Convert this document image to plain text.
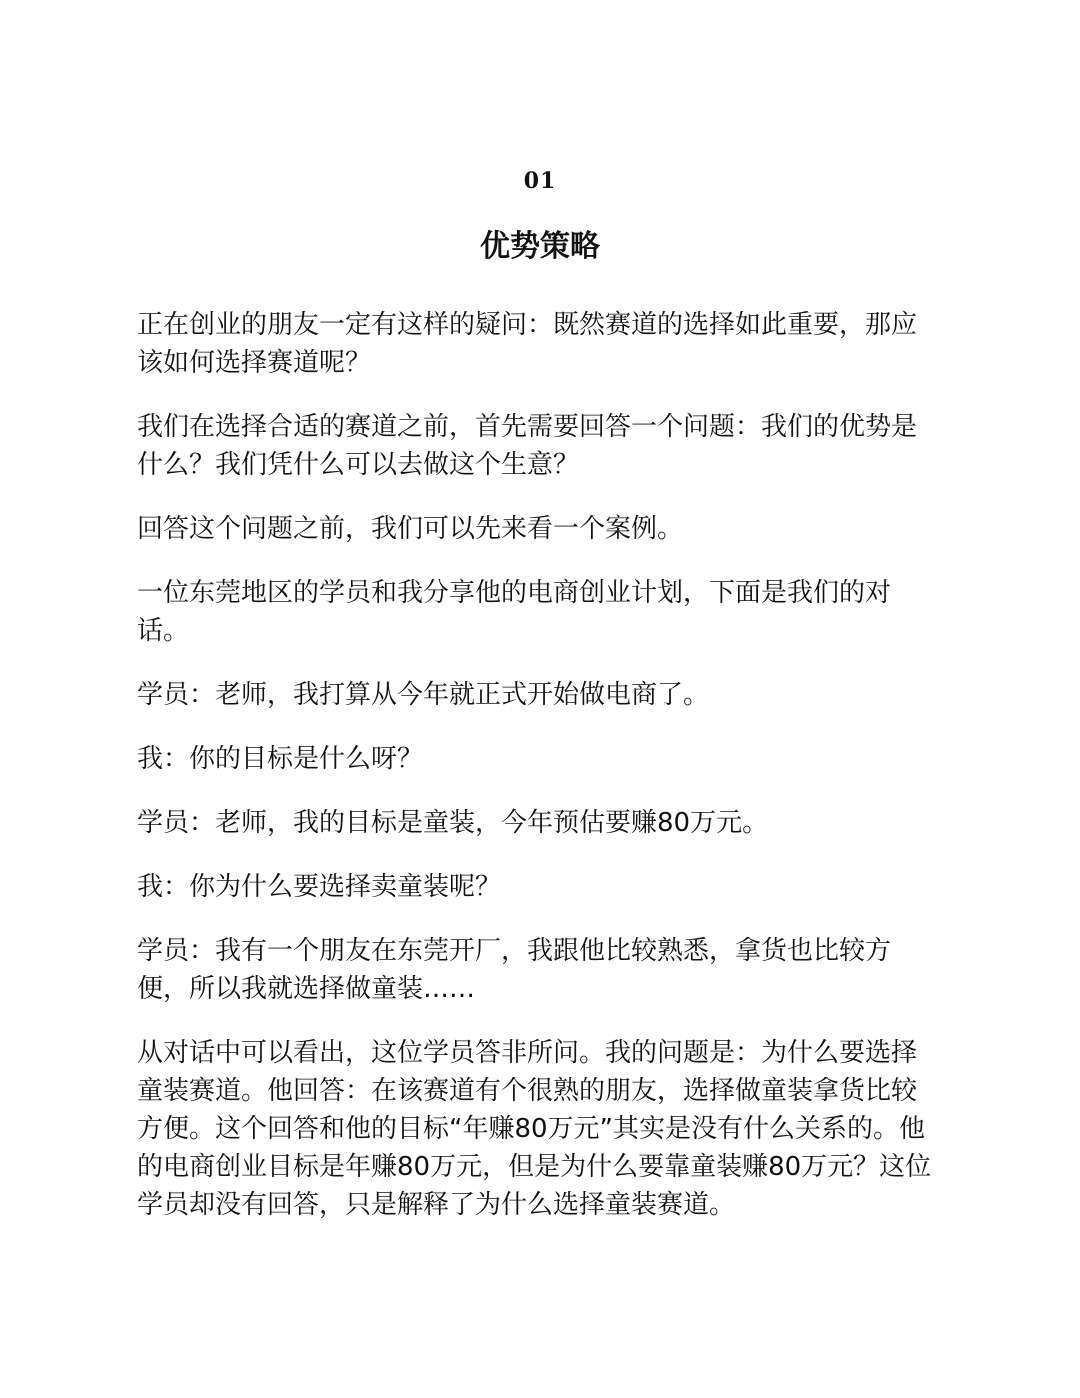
01
优势策略

正在创业的朋友一定有这样的疑问：既然赛道的选择如此重要，那应该如何选择赛道呢？

我们在选择合适的赛道之前，首先需要回答一个问题：我们的优势是什么？我们凭什么可以去做这个生意？

回答这个问题之前，我们可以先来看一个案例。

一位东莞地区的学员和我分享他的电商创业计划，下面是我们的对话。

学员：老师，我打算从今年就正式开始做电商了。

我：你的目标是什么呀？

学员：老师，我的目标是童装，今年预估要赚80万元。

我：你为什么要选择卖童装呢？

学员：我有一个朋友在东莞开厂，我跟他比较熟悉，拿货也比较方便，所以我就选择做童装……

从对话中可以看出，这位学员答非所问。我的问题是：为什么要选择童装赛道。他回答：在该赛道有个很熟的朋友，选择做童装拿货比较方便。这个回答和他的目标“年赚80万元”其实是没有什么关系的。他的电商创业目标是年赚80万元，但是为什么要靠童装赚80万元？这位学员却没有回答，只是解释了为什么选择童装赛道。
